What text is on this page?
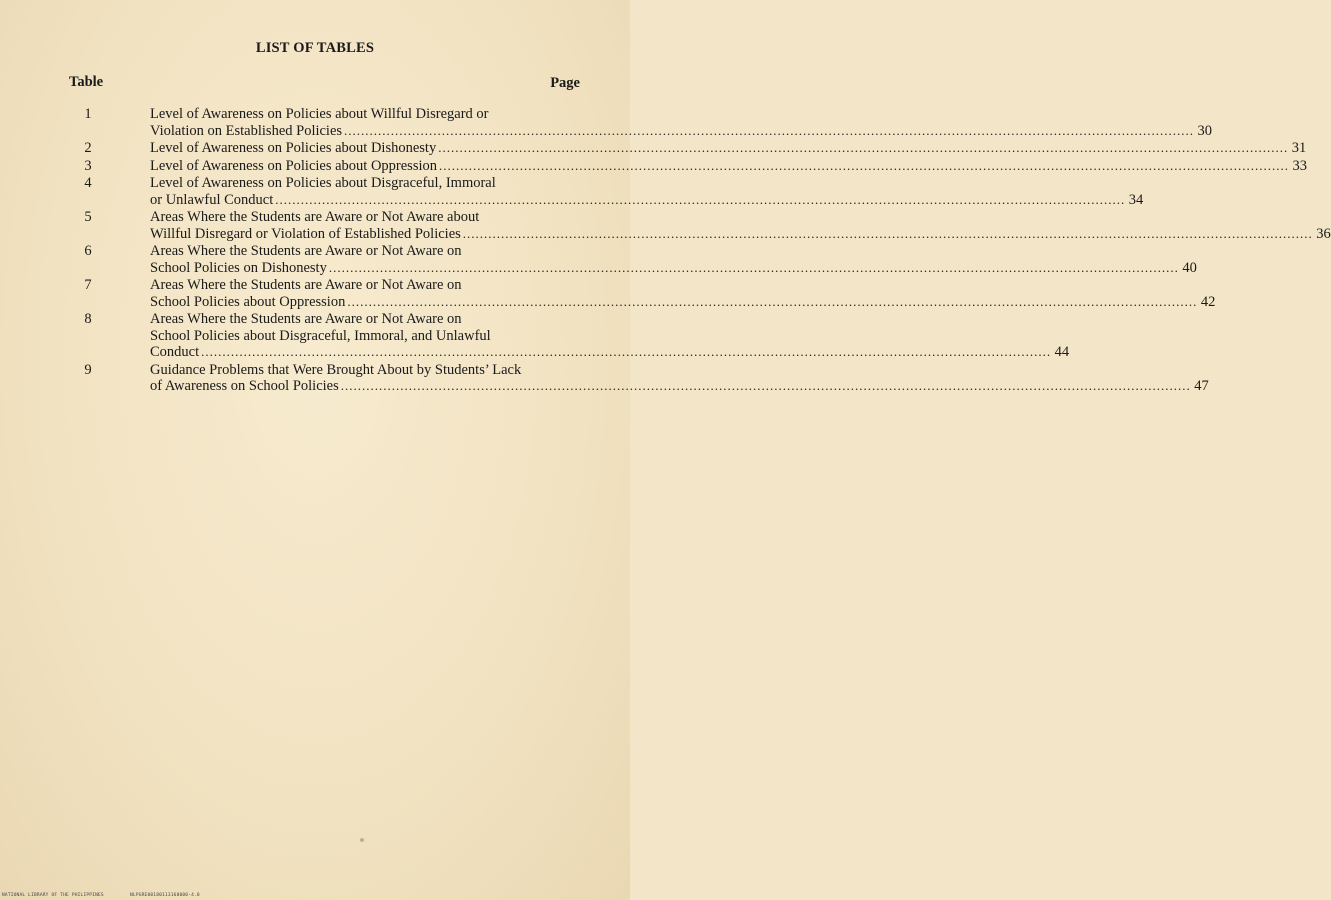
LIST OF TABLES
Table	Page
1	Level of Awareness on Policies about Willful Disregard or
Violation on Established Policies ........................................................................................................................................................................................................ 30
2	Level of Awareness on Policies about Dishonesty ........................................................................................................................................................................................................ 31
3	Level of Awareness on Policies about Oppression ........................................................................................................................................................................................................ 33
4	Level of Awareness on Policies about Disgraceful, Immoral
or Unlawful Conduct ........................................................................................................................................................................................................ 34
5	Areas Where the Students are Aware or Not Aware about
Willful Disregard or Violation of Established Policies ........................................................................................................................................................................................................ 36
6	Areas Where the Students are Aware or Not Aware on
School Policies on Dishonesty ........................................................................................................................................................................................................ 40
7	Areas Where the Students are Aware or Not Aware on
School Policies about Oppression ........................................................................................................................................................................................................ 42
8	Areas Where the Students are Aware or Not Aware on
School Policies about Disgraceful, Immoral, and Unlawful
Conduct ........................................................................................................................................................................................................ 44
9	Guidance Problems that Were Brought About by Students’ Lack
of Awareness on School Policies ........................................................................................................................................................................................................ 47
NATIONAL LIBRARY OF THE PHILIPPINES	NLPGRE00180113160000-4.0
